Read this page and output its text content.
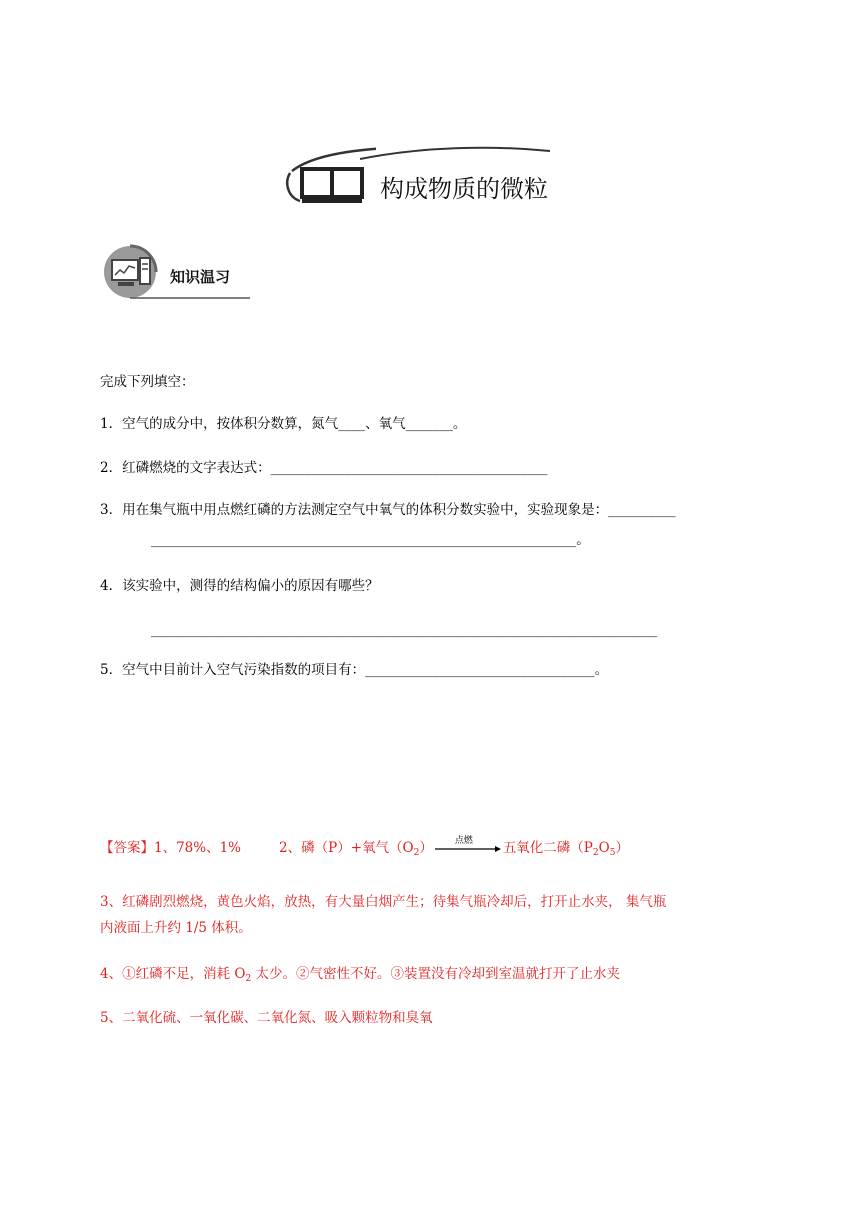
构成物质的微粒
知识温习
完成下列填空：
1．空气的成分中，按体积分数算，氮气____、氧气_______。
2．红磷燃烧的文字表达式：_________________________________________
3．用在集气瓶中用点燃红磷的方法测定空气中氧气的体积分数实验中，实验现象是：__________
_______________________________________________________________。
4．该实验中，测得的结构偏小的原因有哪些？
___________________________________________________________________________
5．空气中目前计入空气污染指数的项目有：__________________________________。
【答案】1、78%、1%	2、磷（P）+氧气$(O_2)$ 点燃 五氧化二磷$(P_2O_5)$
3、红磷剧烈燃烧，黄色火焰，放热，有大量白烟产生；待集气瓶冷却后，打开止水夹， 集气瓶
内液面上升约 1/5 体积。
4、①红磷不足，消耗 $O_2$ 太少。②气密性不好。③装置没有冷却到室温就打开了止水夹
5、二氧化硫、一氧化碳、二氧化氮、吸入颗粒物和臭氧
